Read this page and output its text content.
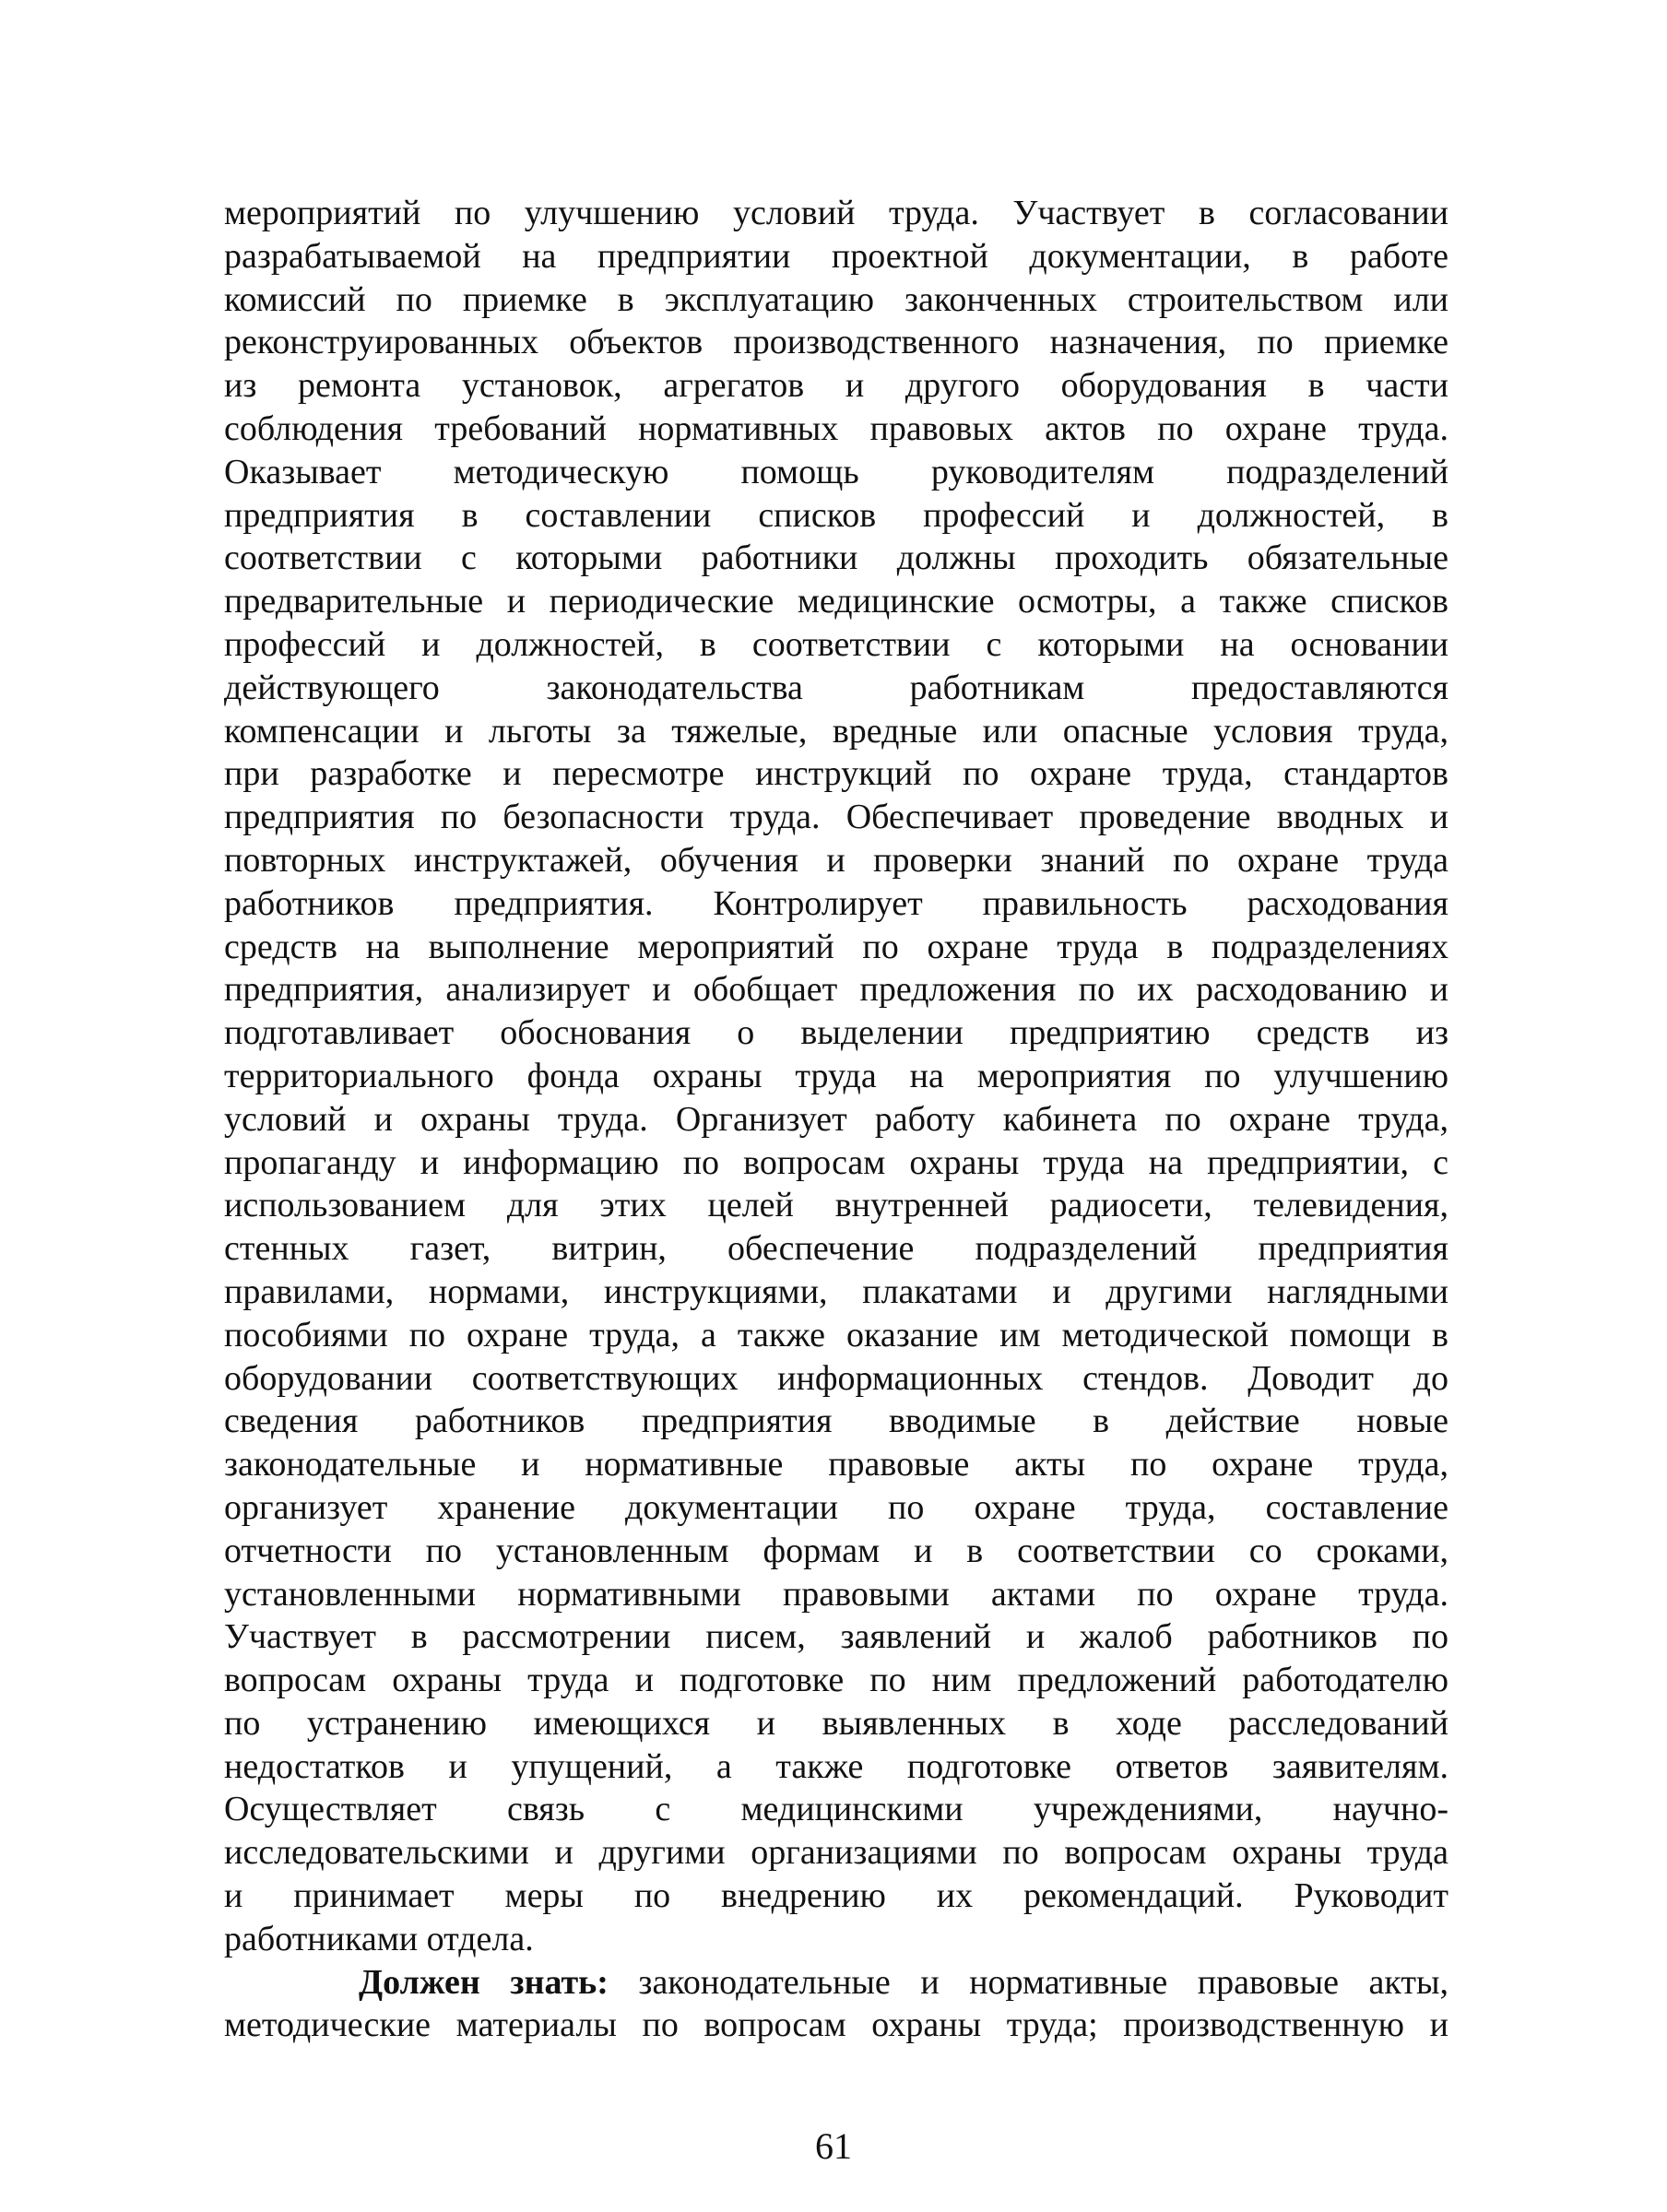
мероприятий по улучшению условий труда. Участвует в согласовании
разрабатываемой на предприятии проектной документации, в работе
комиссий по приемке в эксплуатацию законченных строительством или
реконструированных объектов производственного назначения, по приемке
из ремонта установок, агрегатов и другого оборудования в части
соблюдения требований нормативных правовых актов по охране труда.
Оказывает методическую помощь руководителям подразделений
предприятия в составлении списков профессий и должностей, в
соответствии с которыми работники должны проходить обязательные
предварительные и периодические медицинские осмотры, а также списков
профессий и должностей, в соответствии с которыми на основании
действующего законодательства работникам предоставляются
компенсации и льготы за тяжелые, вредные или опасные условия труда,
при разработке и пересмотре инструкций по охране труда, стандартов
предприятия по безопасности труда. Обеспечивает проведение вводных и
повторных инструктажей, обучения и проверки знаний по охране труда
работников предприятия. Контролирует правильность расходования
средств на выполнение мероприятий по охране труда в подразделениях
предприятия, анализирует и обобщает предложения по их расходованию и
подготавливает обоснования о выделении предприятию средств из
территориального фонда охраны труда на мероприятия по улучшению
условий и охраны труда. Организует работу кабинета по охране труда,
пропаганду и информацию по вопросам охраны труда на предприятии, с
использованием для этих целей внутренней радиосети, телевидения,
стенных газет, витрин, обеспечение подразделений предприятия
правилами, нормами, инструкциями, плакатами и другими наглядными
пособиями по охране труда, а также оказание им методической помощи в
оборудовании соответствующих информационных стендов. Доводит до
сведения работников предприятия вводимые в действие новые
законодательные и нормативные правовые акты по охране труда,
организует хранение документации по охране труда, составление
отчетности по установленным формам и в соответствии со сроками,
установленными нормативными правовыми актами по охране труда.
Участвует в рассмотрении писем, заявлений и жалоб работников по
вопросам охраны труда и подготовке по ним предложений работодателю
по устранению имеющихся и выявленных в ходе расследований
недостатков и упущений, а также подготовке ответов заявителям.
Осуществляет связь с медицинскими учреждениями, научно-
исследовательскими и другими организациями по вопросам охраны труда
и принимает меры по внедрению их рекомендаций. Руководит
работниками отдела.
Должен знать: законодательные и нормативные правовые акты,
методические материалы по вопросам охраны труда; производственную и
61
